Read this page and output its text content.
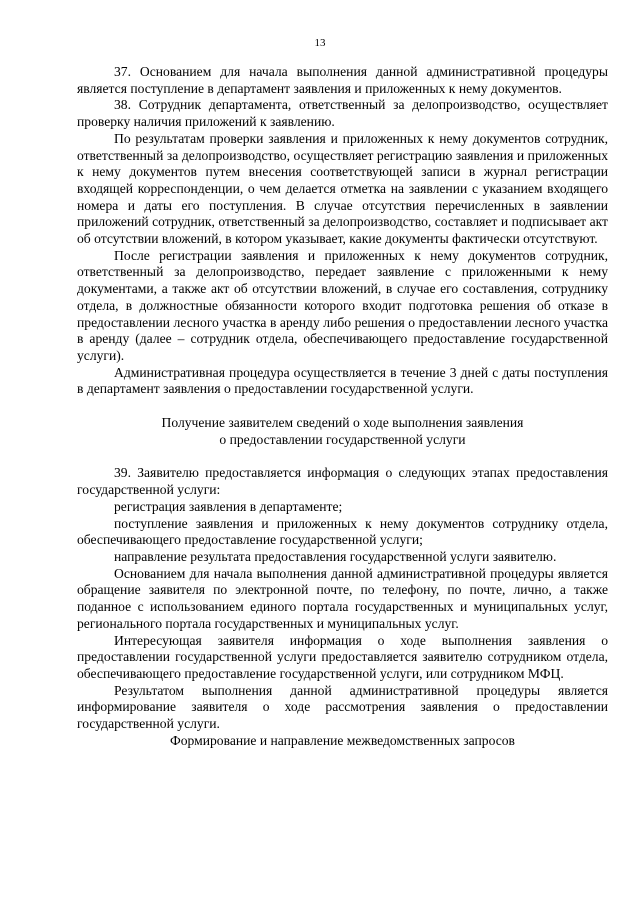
13

37. Основанием для начала выполнения данной административной процедуры является поступление в департамент заявления и приложенных к нему документов.

38. Сотрудник департамента, ответственный за делопроизводство, осуществляет проверку наличия приложений к заявлению.

По результатам проверки заявления и приложенных к нему документов сотрудник, ответственный за делопроизводство, осуществляет регистрацию заявления и приложенных к нему документов путем внесения соответствующей записи в журнал регистрации входящей корреспонденции, о чем делается отметка на заявлении с указанием входящего номера и даты его поступления. В случае отсутствия перечисленных в заявлении приложений сотрудник, ответственный за делопроизводство, составляет и подписывает акт об отсутствии вложений, в котором указывает, какие документы фактически отсутствуют.

После регистрации заявления и приложенных к нему документов сотрудник, ответственный за делопроизводство, передает заявление с приложенными к нему документами, а также акт об отсутствии вложений, в случае его составления, сотруднику отдела, в должностные обязанности которого входит подготовка решения об отказе в предоставлении лесного участка в аренду либо решения о предоставлении лесного участка в аренду (далее – сотрудник отдела, обеспечивающего предоставление государственной услуги).

Административная процедура осуществляется в течение 3 дней с даты поступления в департамент заявления о предоставлении государственной услуги.

Получение заявителем сведений о ходе выполнения заявления

о предоставлении государственной услуги

39. Заявителю предоставляется информация о следующих этапах предоставления государственной услуги:

регистрация заявления в департаменте;

поступление заявления и приложенных к нему документов сотруднику отдела, обеспечивающего предоставление государственной услуги;

направление результата предоставления государственной услуги заявителю.

Основанием для начала выполнения данной административной процедуры является обращение заявителя по электронной почте, по телефону, по почте, лично, а также поданное с использованием единого портала государственных и муниципальных услуг, регионального портала государственных и муниципальных услуг.

Интересующая заявителя информация о ходе выполнения заявления о предоставлении государственной услуги предоставляется заявителю сотрудником отдела, обеспечивающего предоставление государственной услуги, или сотрудником МФЦ.

Результатом выполнения данной административной процедуры является информирование заявителя о ходе рассмотрения заявления о предоставлении государственной услуги.

Формирование и направление межведомственных запросов
